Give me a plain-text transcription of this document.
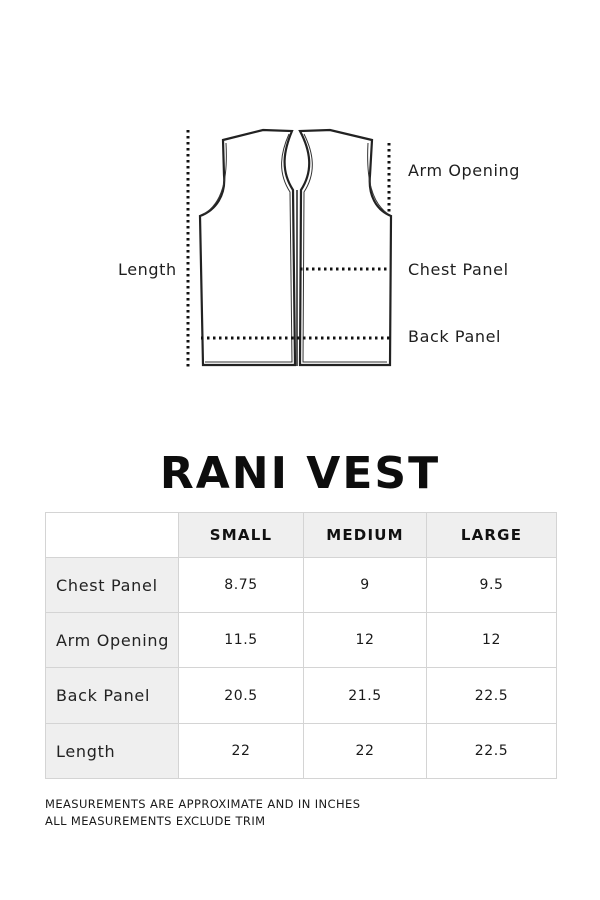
Length
Arm Opening
Chest Panel
Back Panel
RANI VEST
	SMALL	MEDIUM	LARGE
Chest Panel	8.75	9	9.5
Arm Opening	11.5	12	12
Back Panel	20.5	21.5	22.5
Length	22	22	22.5
MEASUREMENTS ARE APPROXIMATE AND IN INCHES
ALL MEASUREMENTS EXCLUDE TRIM
